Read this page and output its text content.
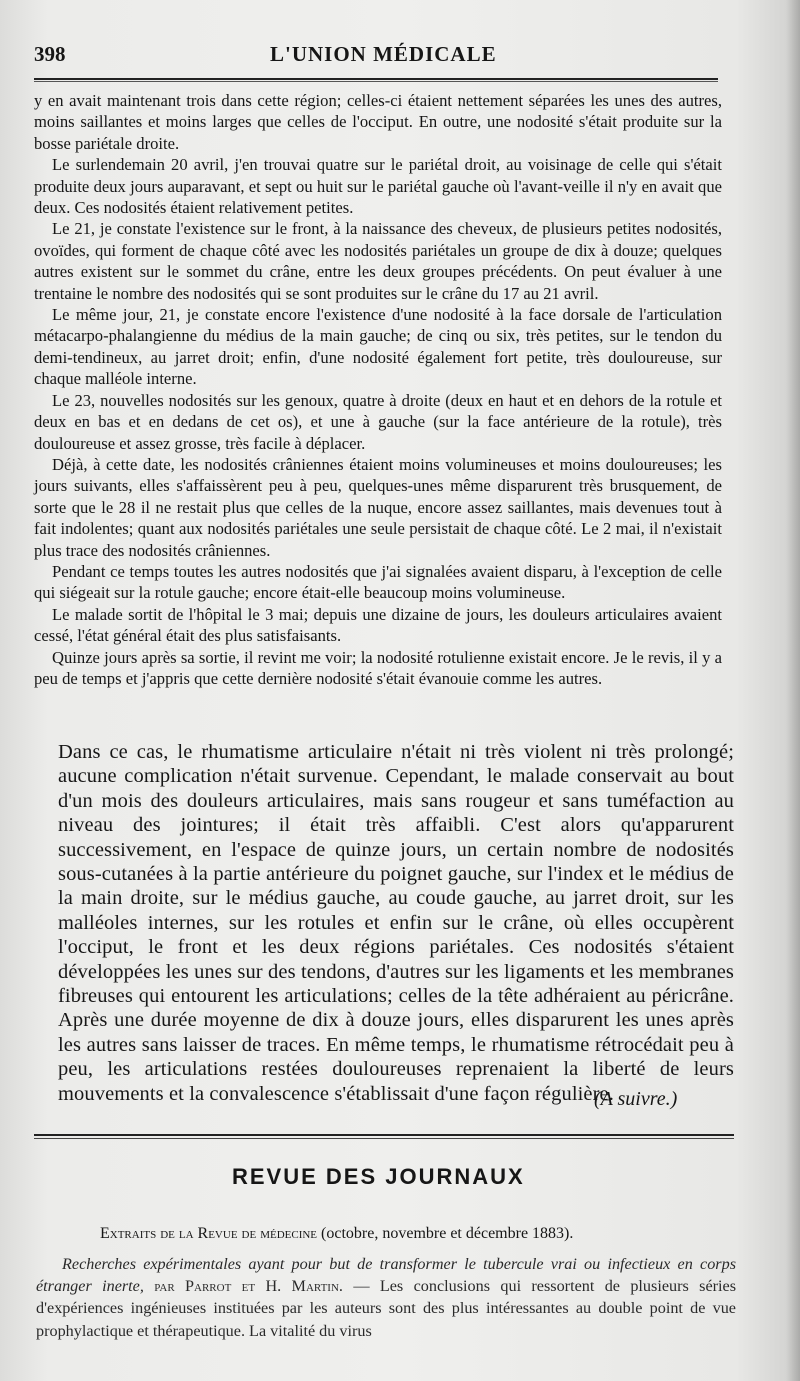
398	L'UNION MÉDICALE

y en avait maintenant trois dans cette région; celles-ci étaient nettement séparées les unes des autres, moins saillantes et moins larges que celles de l'occiput. En outre, une nodosité s'était produite sur la bosse pariétale droite.

Le surlendemain 20 avril, j'en trouvai quatre sur le pariétal droit, au voisinage de celle qui s'était produite deux jours auparavant, et sept ou huit sur le pariétal gauche où l'avant-veille il n'y en avait que deux. Ces nodosités étaient relativement petites.

Le 21, je constate l'existence sur le front, à la naissance des cheveux, de plusieurs petites nodosités, ovoïdes, qui forment de chaque côté avec les nodosités pariétales un groupe de dix à douze; quelques autres existent sur le sommet du crâne, entre les deux groupes précédents. On peut évaluer à une trentaine le nombre des nodosités qui se sont produites sur le crâne du 17 au 21 avril.

Le même jour, 21, je constate encore l'existence d'une nodosité à la face dorsale de l'articulation métacarpo-phalangienne du médius de la main gauche; de cinq ou six, très petites, sur le tendon du demi-tendineux, au jarret droit; enfin, d'une nodosité également fort petite, très douloureuse, sur chaque malléole interne.

Le 23, nouvelles nodosités sur les genoux, quatre à droite (deux en haut et en dehors de la rotule et deux en bas et en dedans de cet os), et une à gauche (sur la face antérieure de la rotule), très douloureuse et assez grosse, très facile à déplacer.

Déjà, à cette date, les nodosités crâniennes étaient moins volumineuses et moins douloureuses; les jours suivants, elles s'affaissèrent peu à peu, quelques-unes même disparurent très brusquement, de sorte que le 28 il ne restait plus que celles de la nuque, encore assez saillantes, mais devenues tout à fait indolentes; quant aux nodosités pariétales une seule persistait de chaque côté. Le 2 mai, il n'existait plus trace des nodosités crâniennes.

Pendant ce temps toutes les autres nodosités que j'ai signalées avaient disparu, à l'exception de celle qui siégeait sur la rotule gauche; encore était-elle beaucoup moins volumineuse.

Le malade sortit de l'hôpital le 3 mai; depuis une dizaine de jours, les douleurs articulaires avaient cessé, l'état général était des plus satisfaisants.

Quinze jours après sa sortie, il revint me voir; la nodosité rotulienne existait encore. Je le revis, il y a peu de temps et j'appris que cette dernière nodosité s'était évanouie comme les autres.

Dans ce cas, le rhumatisme articulaire n'était ni très violent ni très prolongé; aucune complication n'était survenue. Cependant, le malade conservait au bout d'un mois des douleurs articulaires, mais sans rougeur et sans tuméfaction au niveau des jointures; il était très affaibli. C'est alors qu'apparurent successivement, en l'espace de quinze jours, un certain nombre de nodosités sous-cutanées à la partie antérieure du poignet gauche, sur l'index et le médius de la main droite, sur le médius gauche, au coude gauche, au jarret droit, sur les malléoles internes, sur les rotules et enfin sur le crâne, où elles occupèrent l'occiput, le front et les deux régions pariétales. Ces nodosités s'étaient développées les unes sur des tendons, d'autres sur les ligaments et les membranes fibreuses qui entourent les articulations; celles de la tête adhéraient au péricrâne. Après une durée moyenne de dix à douze jours, elles disparurent les unes après les autres sans laisser de traces. En même temps, le rhumatisme rétrocédait peu à peu, les articulations restées douloureuses reprenaient la liberté de leurs mouvements et la convalescence s'établissait d'une façon régulière.

(A suivre.)
REVUE DES JOURNAUX
Extraits de la Revue de médecine (octobre, novembre et décembre 1883).

Recherches expérimentales ayant pour but de transformer le tubercule vrai ou infectieux en corps étranger inerte, par Parrot et H. Martin. — Les conclusions qui ressortent de plusieurs séries d'expériences ingénieuses instituées par les auteurs sont des plus intéressantes au double point de vue prophylactique et thérapeutique. La vitalité du virus
